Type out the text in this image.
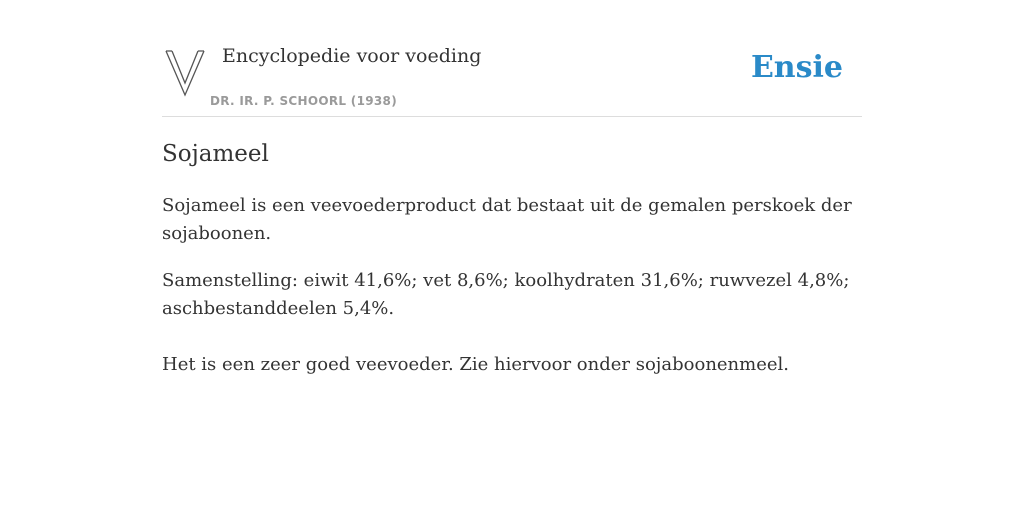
Encyclopedie voor voeding
DR. IR. P. SCHOORL (1938)
Ensie
Sojameel

Sojameel is een veevoederproduct dat bestaat uit de gemalen perskoek der sojaboonen.

Samenstelling: eiwit 41,6%; vet 8,6%; koolhydraten 31,6%; ruwvezel 4,8%; aschbestanddeelen 5,4%.

Het is een zeer goed veevoeder. Zie hiervoor onder sojaboonenmeel.
